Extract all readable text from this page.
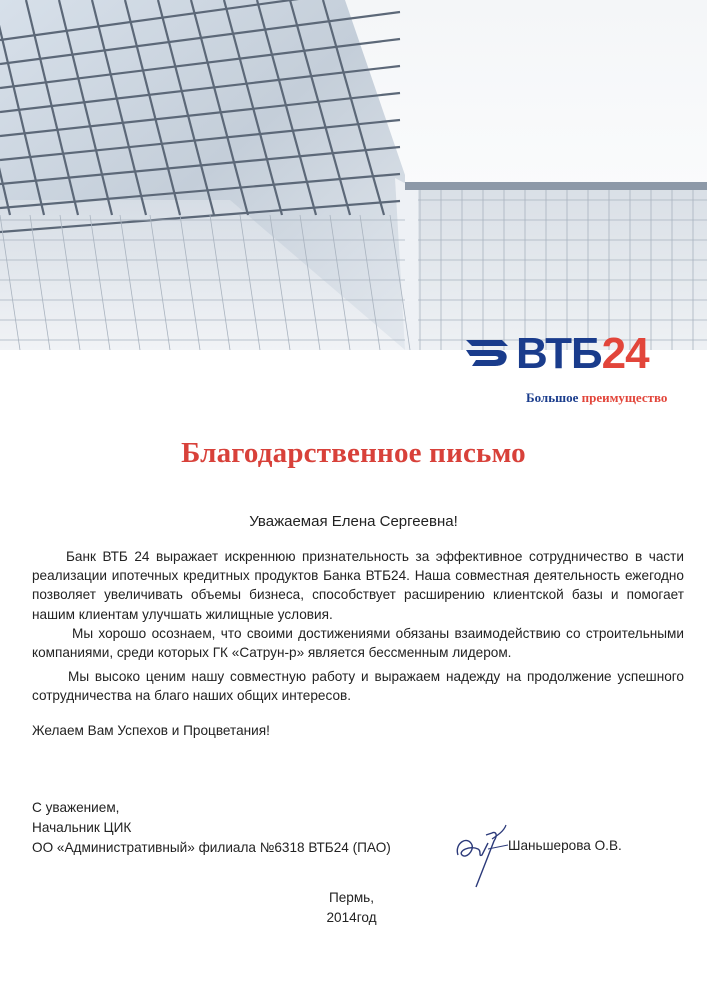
ВТБ24
Большое преимущество
Благодарственное письмо
Уважаемая Елена Сергеевна!

Банк ВТБ 24 выражает искреннюю признательность за эффективное сотрудничество в части реализации ипотечных кредитных продуктов Банка ВТБ24. Наша совместная деятельность ежегодно позволяет увеличивать объемы бизнеса, способствует расширению клиентской базы и помогает нашим клиентам улучшать жилищные условия.

Мы хорошо осознаем, что своими достижениями обязаны взаимодействию со строительными компаниями, среди которых ГК «Сатрун-р» является бессменным лидером.

Мы высоко ценим нашу совместную работу и выражаем надежду на продолжение успешного сотрудничества на благо наших общих интересов.

Желаем Вам Успехов и Процветания!
С уважением,
Начальник ЦИК
ОО «Административный» филиала №6318 ВТБ24 (ПАО)	Шаньшерова О.В.
Пермь,
2014год
